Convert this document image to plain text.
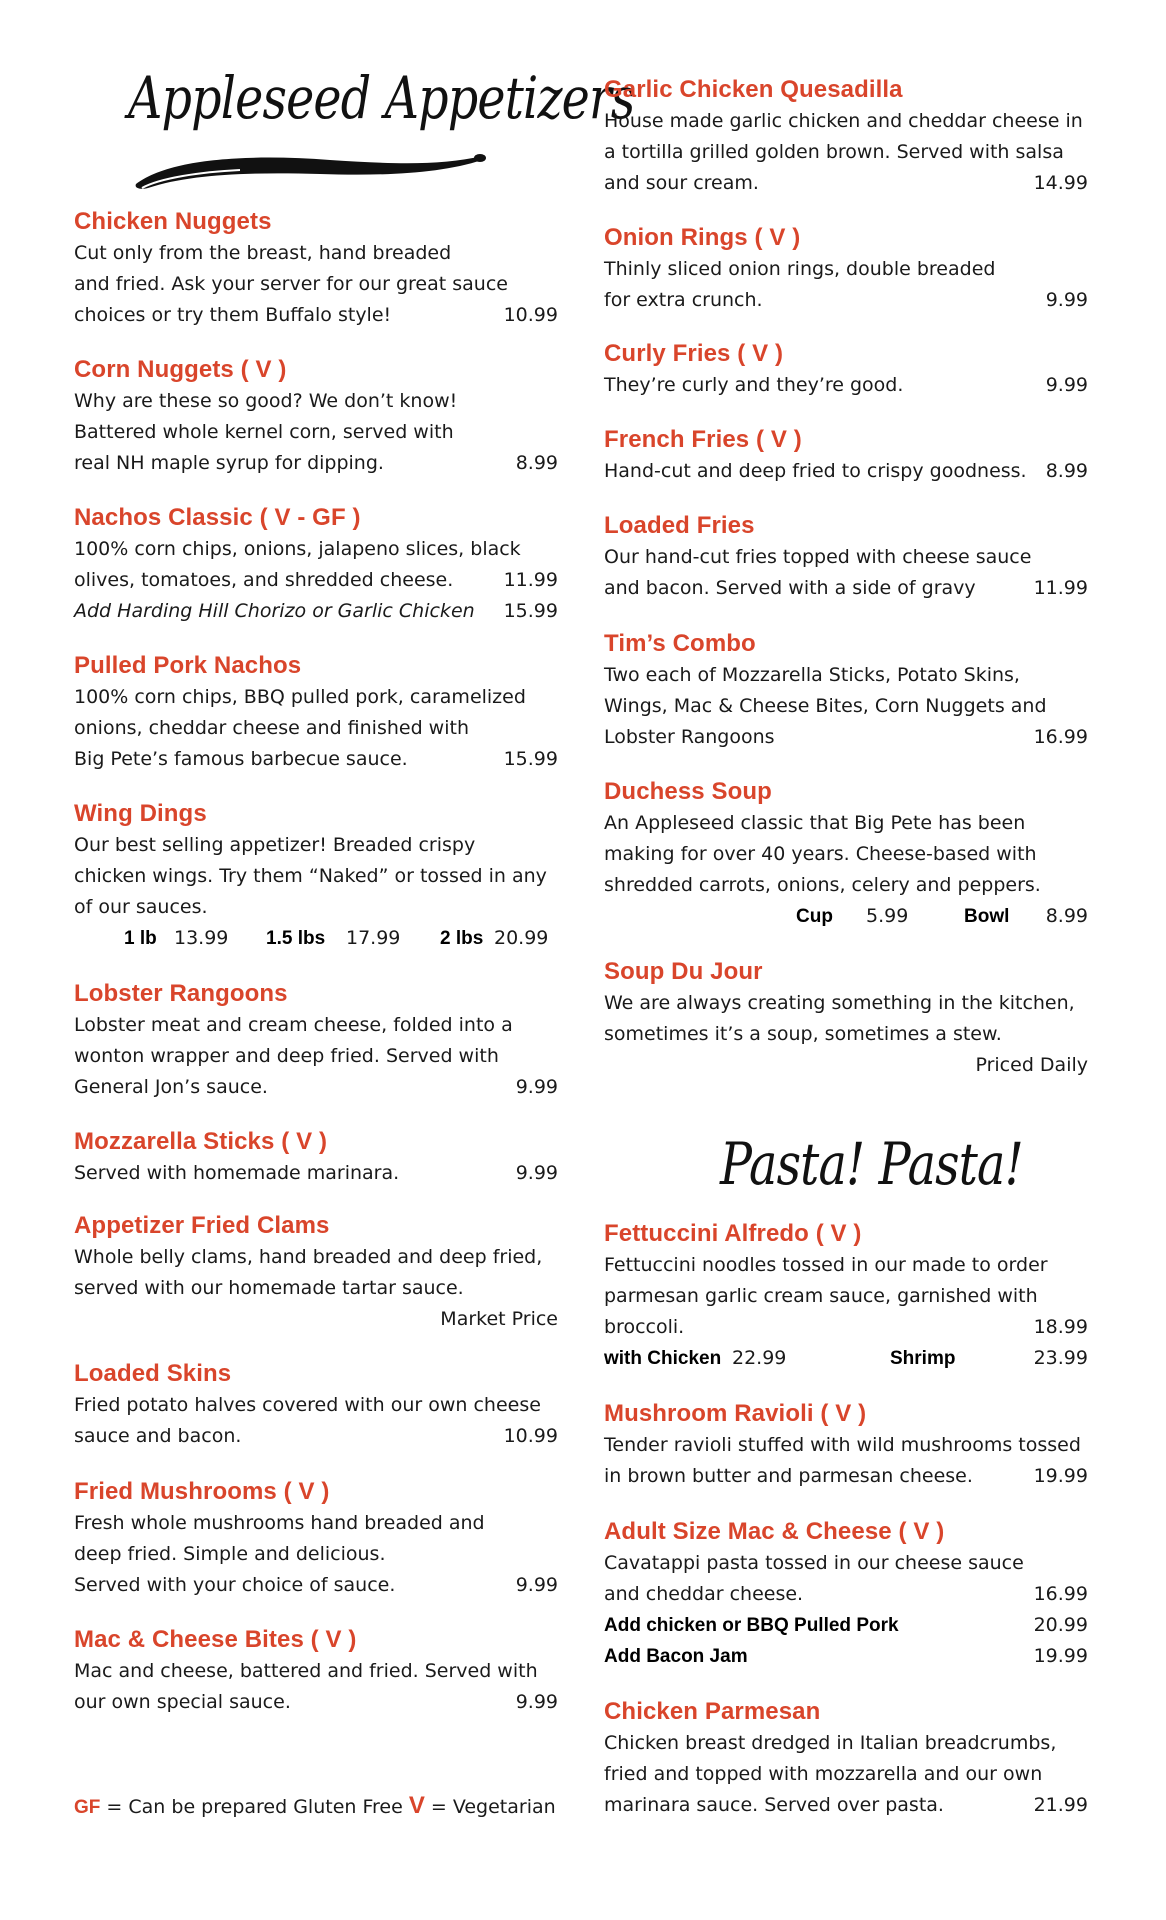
Appleseed Appetizers
Chicken Nuggets
Cut only from the breast, hand breaded
and fried. Ask your server for our great sauce
choices or try them Buffalo style!	10.99
Corn Nuggets ( V )
Why are these so good? We don’t know!
Battered whole kernel corn, served with
real NH maple syrup for dipping.	8.99
Nachos Classic ( V - GF )
100% corn chips, onions, jalapeno slices, black
olives, tomatoes, and shredded cheese.	11.99
Add Harding Hill Chorizo or Garlic Chicken 15.99
Pulled Pork Nachos
100% corn chips, BBQ pulled pork, caramelized
onions, cheddar cheese and finished with
Big Pete’s famous barbecue sauce.	15.99
Wing Dings
Our best selling appetizer! Breaded crispy
chicken wings. Try them “Naked” or tossed in any
of our sauces.
1 lb 13.99 1.5 lbs 17.99 2 lbs 20.99
Lobster Rangoons
Lobster meat and cream cheese, folded into a
wonton wrapper and deep fried. Served with
General Jon’s sauce.	9.99
Mozzarella Sticks ( V )
Served with homemade marinara.	9.99
Appetizer Fried Clams
Whole belly clams, hand breaded and deep fried,
served with our homemade tartar sauce.
Market Price
Loaded Skins
Fried potato halves covered with our own cheese
sauce and bacon.	10.99
Fried Mushrooms ( V )
Fresh whole mushrooms hand breaded and
deep fried. Simple and delicious.
Served with your choice of sauce.	9.99
Mac & Cheese Bites ( V )
Mac and cheese, battered and fried. Served with
our own special sauce.	9.99
GF = Can be prepared Gluten Free V = Vegetarian
Garlic Chicken Quesadilla
House made garlic chicken and cheddar cheese in
a tortilla grilled golden brown. Served with salsa
and sour cream.	14.99
Onion Rings ( V )
Thinly sliced onion rings, double breaded
for extra crunch.	9.99
Curly Fries ( V )
They’re curly and they’re good.	9.99
French Fries ( V )
Hand-cut and deep fried to crispy goodness. 8.99
Loaded Fries
Our hand-cut fries topped with cheese sauce
and bacon. Served with a side of gravy	11.99
Tim’s Combo
Two each of Mozzarella Sticks, Potato Skins,
Wings, Mac & Cheese Bites, Corn Nuggets and
Lobster Rangoons	16.99
Duchess Soup
An Appleseed classic that Big Pete has been
making for over 40 years. Cheese-based with
shredded carrots, onions, celery and peppers.
Cup 5.99	Bowl 8.99
Soup Du Jour
We are always creating something in the kitchen,
sometimes it’s a soup, sometimes a stew.
Priced Daily
Pasta! Pasta!
Fettuccini Alfredo ( V )
Fettuccini noodles tossed in our made to order
parmesan garlic cream sauce, garnished with
broccoli.	18.99
with Chicken 22.99	Shrimp	23.99
Mushroom Ravioli ( V )
Tender ravioli stuffed with wild mushrooms tossed
in brown butter and parmesan cheese.	19.99
Adult Size Mac & Cheese ( V )
Cavatappi pasta tossed in our cheese sauce
and cheddar cheese.	16.99
Add chicken or BBQ Pulled Pork	20.99
Add Bacon Jam	19.99
Chicken Parmesan
Chicken breast dredged in Italian breadcrumbs,
fried and topped with mozzarella and our own
marinara sauce. Served over pasta.	21.99
